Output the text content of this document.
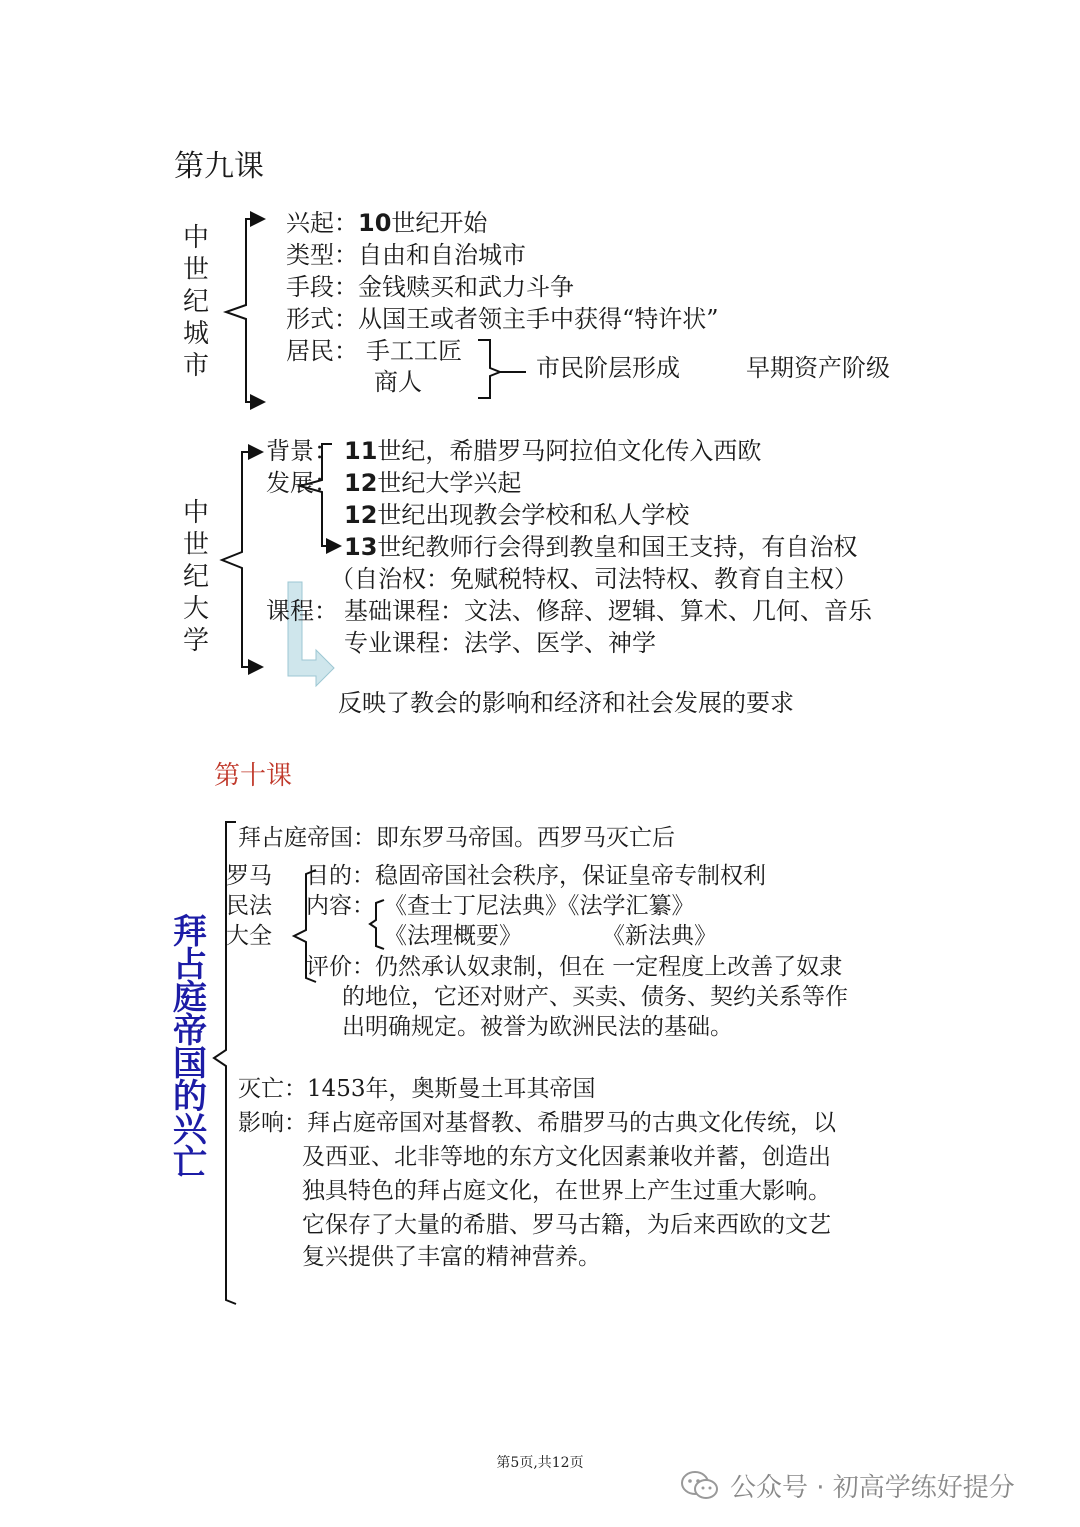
第九课
中世纪城市
兴起：10世纪开始
类型：自由和自治城市
手段：金钱赎买和武力斗争
形式：从国王或者领主手中获得“特许状”
居民： 手工工匠
商人	市民阶层形成	早期资产阶级
中世纪大学
背景： 11世纪，希腊罗马阿拉伯文化传入西欧
发展： 12世纪大学兴起
12世纪出现教会学校和私人学校
13世纪教师行会得到教皇和国王支持，有自治权
（自治权：免赋税特权、司法特权、教育自主权）
课程： 基础课程：文法、修辞、逻辑、算术、几何、音乐
专业课程：法学、医学、神学
反映了教会的影响和经济和社会发展的要求
第十课
拜占庭帝国的兴亡
拜占庭帝国：即东罗马帝国。西罗马灭亡后
罗马
民法
大全
目的：稳固帝国社会秩序，保证皇帝专制权利
内容： 《查士丁尼法典》《法学汇纂》
《法理概要》	《新法典》
评价：仍然承认奴隶制，但在 一定程度上改善了奴隶
的地位，它还对财产、买卖、债务、契约关系等作
出明确规定。被誉为欧洲民法的基础。
灭亡：1453年，奥斯曼土耳其帝国
影响：拜占庭帝国对基督教、希腊罗马的古典文化传统，以
及西亚、北非等地的东方文化因素兼收并蓄，创造出
独具特色的拜占庭文化，在世界上产生过重大影响。
它保存了大量的希腊、罗马古籍，为后来西欧的文艺
复兴提供了丰富的精神营养。
第5页,共12页
公众号 · 初高学练好提分
